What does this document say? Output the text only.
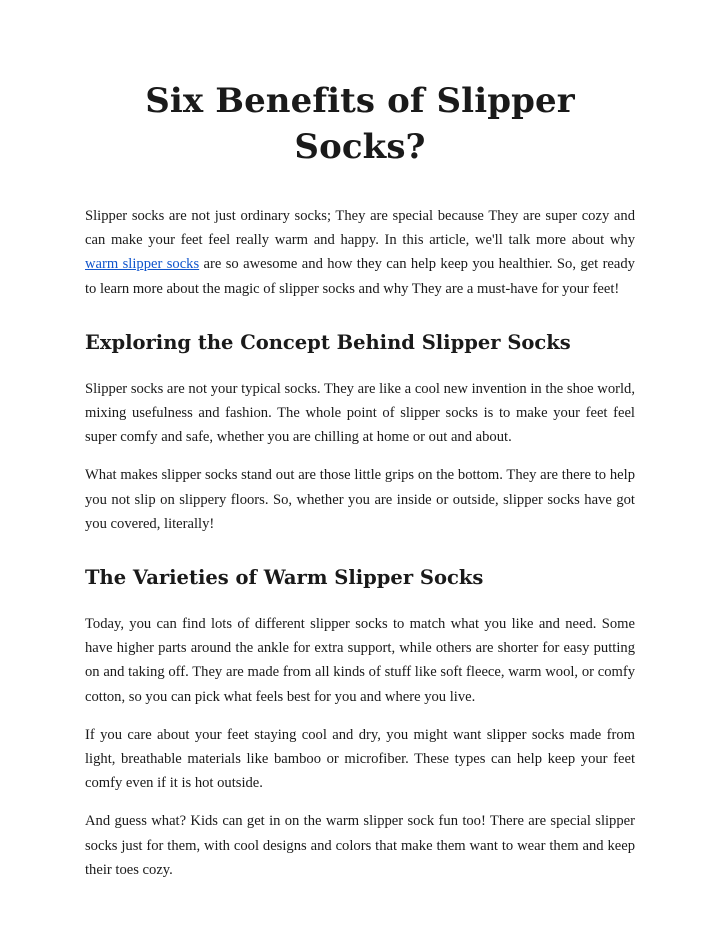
Six Benefits of Slipper Socks?

Slipper socks are not just ordinary socks; They are special because They are super cozy and can make your feet feel really warm and happy. In this article, we'll talk more about why warm slipper socks are so awesome and how they can help keep you healthier. So, get ready to learn more about the magic of slipper socks and why They are a must-have for your feet!

Exploring the Concept Behind Slipper Socks

Slipper socks are not your typical socks. They are like a cool new invention in the shoe world, mixing usefulness and fashion. The whole point of slipper socks is to make your feet feel super comfy and safe, whether you are chilling at home or out and about.

What makes slipper socks stand out are those little grips on the bottom. They are there to help you not slip on slippery floors. So, whether you are inside or outside, slipper socks have got you covered, literally!

The Varieties of Warm Slipper Socks

Today, you can find lots of different slipper socks to match what you like and need. Some have higher parts around the ankle for extra support, while others are shorter for easy putting on and taking off. They are made from all kinds of stuff like soft fleece, warm wool, or comfy cotton, so you can pick what feels best for you and where you live.

If you care about your feet staying cool and dry, you might want slipper socks made from light, breathable materials like bamboo or microfiber. These types can help keep your feet comfy even if it is hot outside.

And guess what? Kids can get in on the warm slipper sock fun too! There are special slipper socks just for them, with cool designs and colors that make them want to wear them and keep their toes cozy.
